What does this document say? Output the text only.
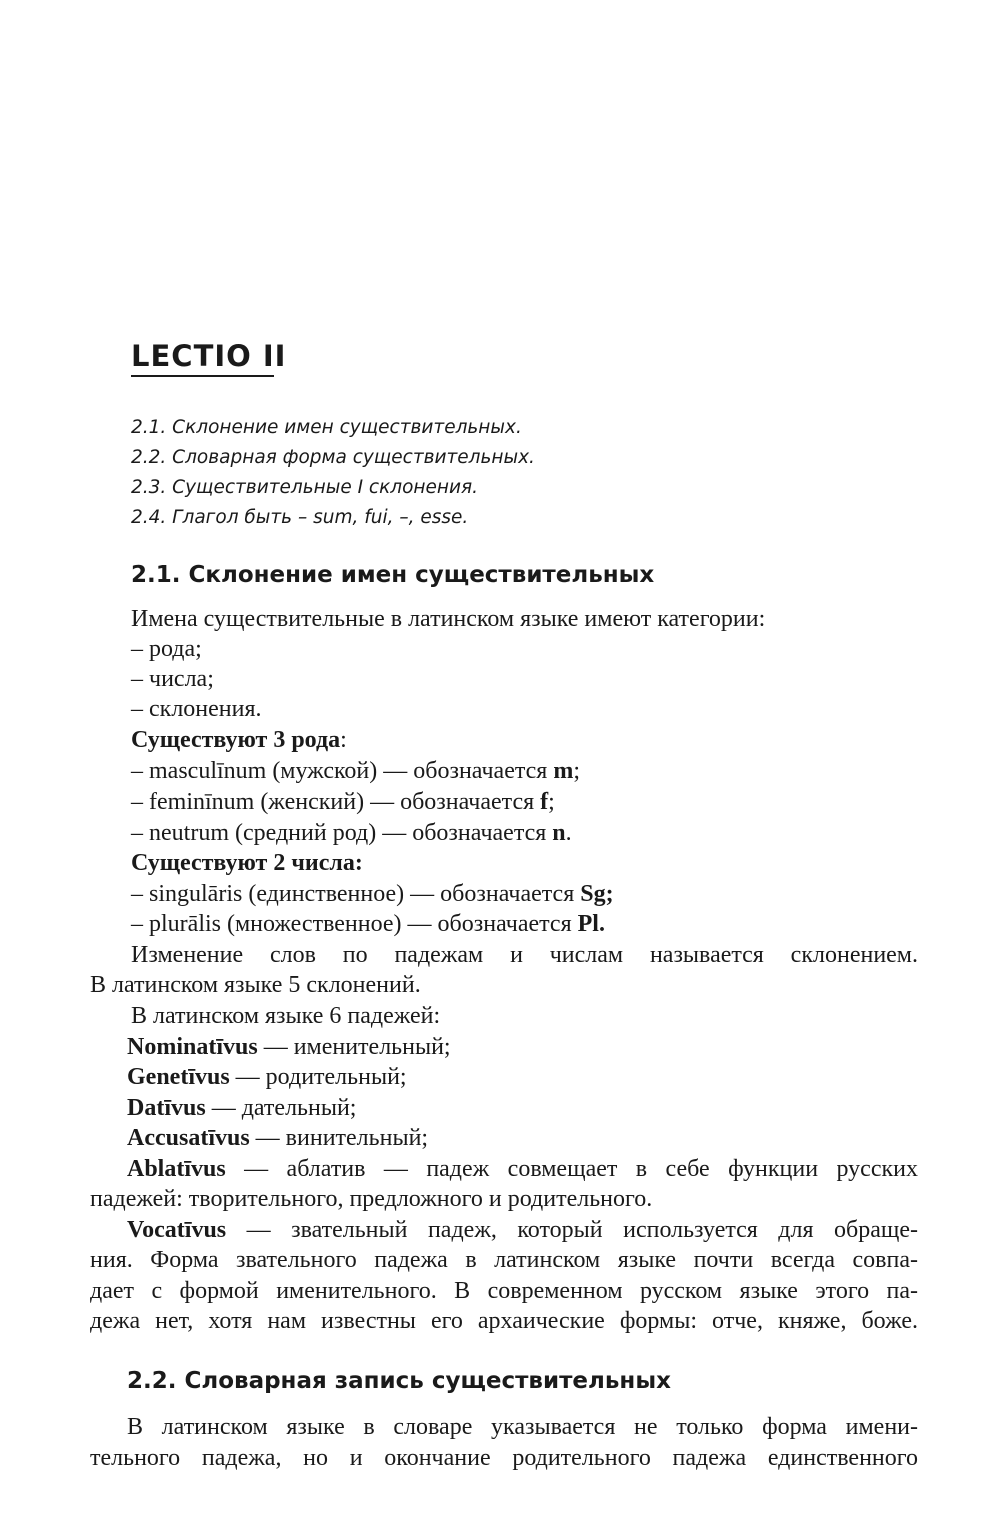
LECTIO II
2.1. Склонение имен существительных.
2.2. Словарная форма существительных.
2.3. Существительные I склонения.
2.4. Глагол быть – sum, fui, –, esse.
2.1. Склонение имен существительных

Имена существительные в латинском языке имеют категории:

– рода;

– числа;

– склонения.

Существуют 3 рода:

– masculīnum (мужской) — обозначается m;

– feminīnum (женский) — обозначается f;

– neutrum (средний род) — обозначается n.

Существуют 2 числа:

– singulāris (единственное) — обозначается Sg;

– plurālis (множественное) — обозначается Pl.

Изменение слов по падежам и числам называется склонением.

В латинском языке 5 склонений.

В латинском языке 6 падежей:

Nominatīvus — именительный;

Genetīvus — родительный;

Datīvus — дательный;

Accusatīvus — винительный;

Ablatīvus — аблатив — падеж совмещает в себе функции русских

падежей: творительного, предложного и родительного.

Vocatīvus — звательный падеж, который используется для обраще-

ния. Форма звательного падежа в латинском языке почти всегда совпа-

дает с формой именительного. В современном русском языке этого па-

дежа нет, хотя нам известны его архаические формы: отче, княже, боже.

2.2. Словарная запись существительных

В латинском языке в словаре указывается не только форма имени-

тельного падежа, но и окончание родительного падежа единственного
